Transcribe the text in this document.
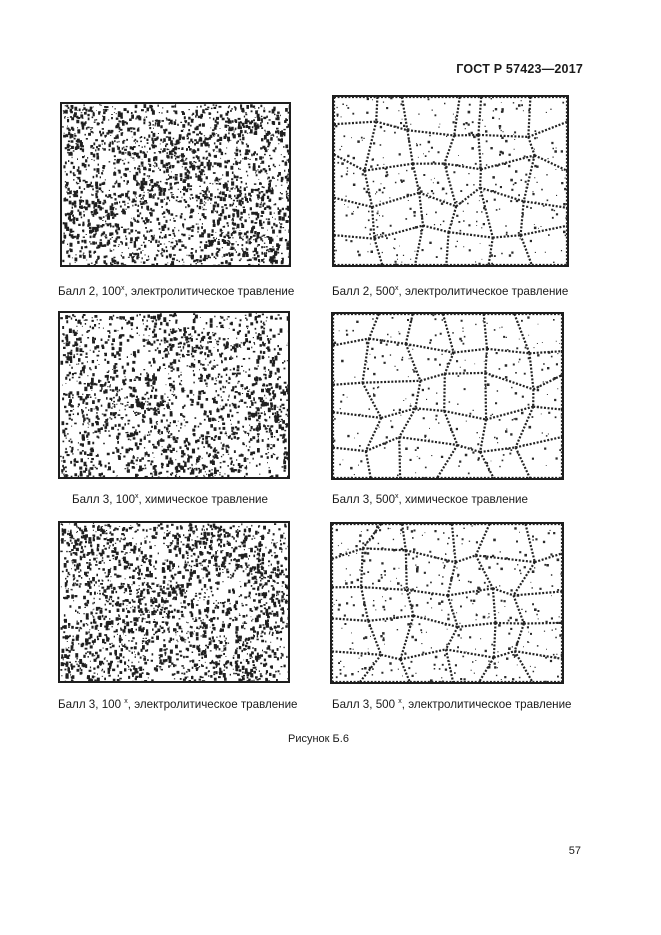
ГОСТ Р 57423—2017
Балл 2, 100$^x$, электролитическое травление	Балл 2, 500$^x$, электролитическое травление
Балл 3, 100$^x$, химическое травление	Балл 3, 500$^x$, химическое травление
Балл 3, 100 $^x$, электролитическое травление	Балл 3, 500 $^x$, электролитическое травление
Рисунок Б.6
57
